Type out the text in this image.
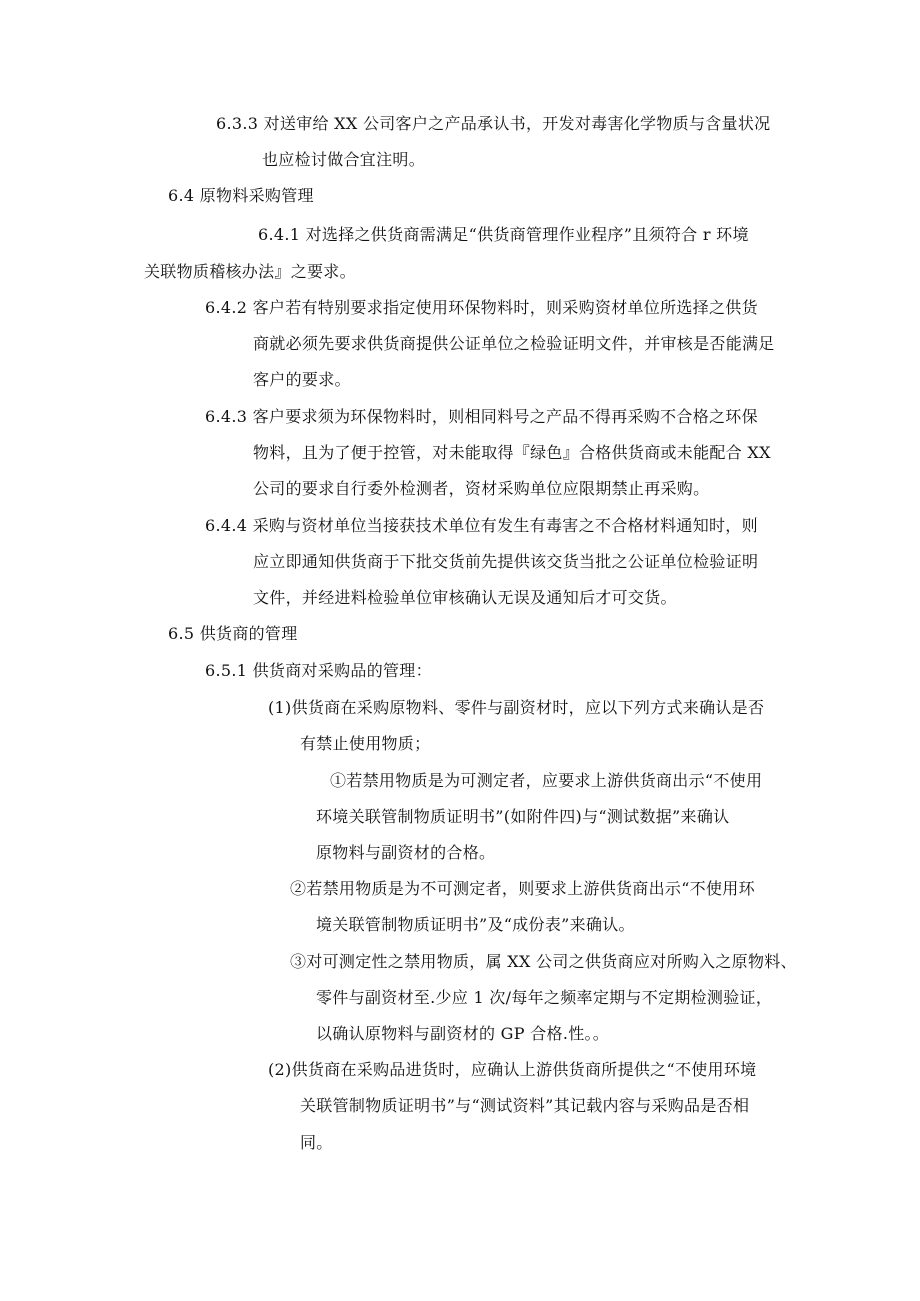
6.3.3 对送审给 XX 公司客户之产品承认书，开发对毒害化学物质与含量状况
也应检讨做合宜注明。
6.4 原物料采购管理
6.4.1 对选择之供货商需满足“供货商管理作业程序”且须符合 r 环境
关联物质稽核办法』之要求。
6.4.2 客户若有特别要求指定使用环保物料时，则采购资材单位所选择之供货
商就必须先要求供货商提供公证单位之检验证明文件，并审核是否能满足
客户的要求。
6.4.3 客户要求须为环保物料时，则相同料号之产品不得再采购不合格之环保
物料，且为了便于控管，对未能取得『绿色』合格供货商或未能配合 XX
公司的要求自行委外检测者，资材采购单位应限期禁止再采购。
6.4.4 采购与资材单位当接获技术单位有发生有毒害之不合格材料通知时，则
应立即通知供货商于下批交货前先提供该交货当批之公证单位检验证明
文件，并经进料检验单位审核确认无误及通知后才可交货。
6.5 供货商的管理
6.5.1 供货商对采购品的管理：
(1)供货商在采购原物料、零件与副资材时，应以下列方式来确认是否
有禁止使用物质；
①若禁用物质是为可测定者，应要求上游供货商出示“不使用
环境关联管制物质证明书”(如附件四)与“测试数据”来确认
原物料与副资材的合格。
②若禁用物质是为不可测定者，则要求上游供货商出示“不使用环
境关联管制物质证明书”及“成份表”来确认。
③对可测定性之禁用物质，属 XX 公司之供货商应对所购入之原物料、
零件与副资材至.少应 1 次/每年之频率定期与不定期检测验证，
以确认原物料与副资材的 GP 合格.性。。
(2)供货商在采购品进货时，应确认上游供货商所提供之“不使用环境
关联管制物质证明书”与“测试资料”其记载内容与采购品是否相
同。
